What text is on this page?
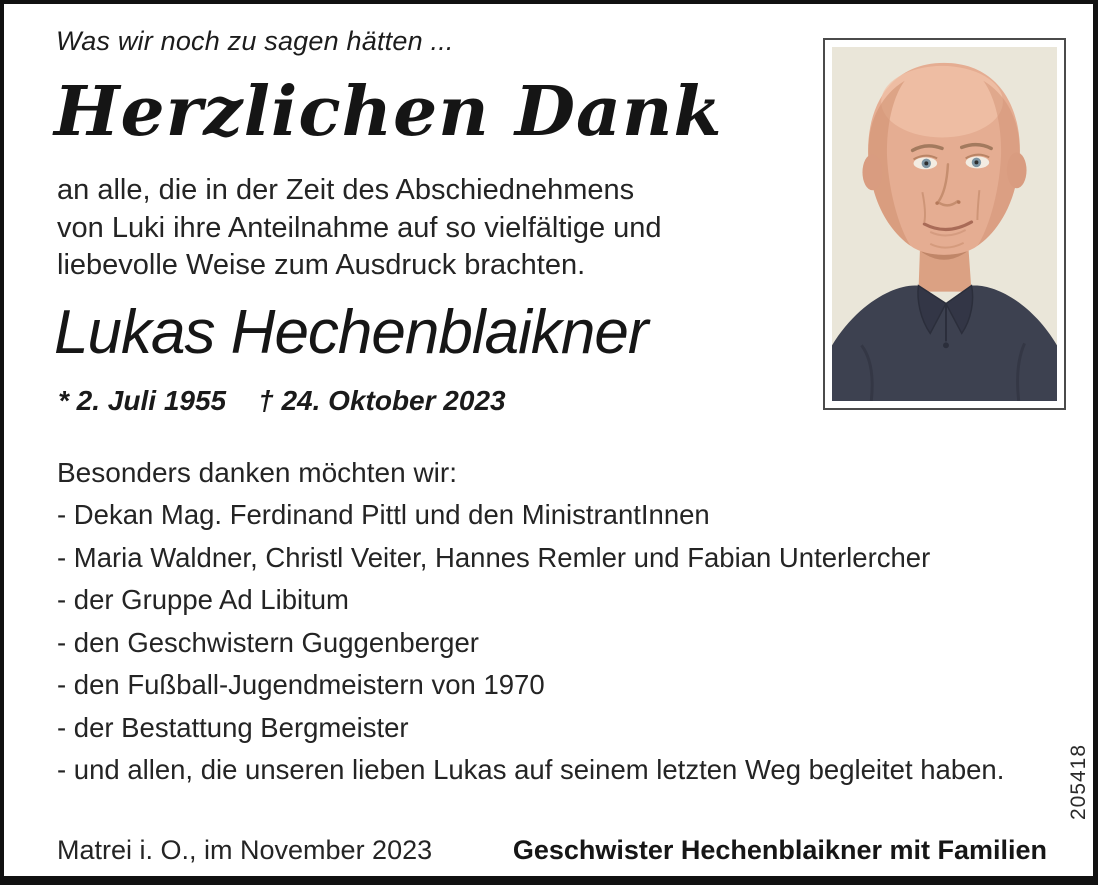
Was wir noch zu sagen hätten ...
Herzlichen Dank
an alle, die in der Zeit des Abschiednehmens
von Luki ihre Anteilnahme auf so vielfältige und
liebevolle Weise zum Ausdruck brachten.
Lukas Hechenblaikner
* 2. Juli 1955 † 24. Oktober 2023
Besonders danken möchten wir:
- Dekan Mag. Ferdinand Pittl und den MinistrantInnen
- Maria Waldner, Christl Veiter, Hannes Remler und Fabian Unterlercher
- der Gruppe Ad Libitum
- den Geschwistern Guggenberger
- den Fußball-Jugendmeistern von 1970
- der Bestattung Bergmeister
- und allen, die unseren lieben Lukas auf seinem letzten Weg begleitet haben.
Matrei i. O., im November 2023	Geschwister Hechenblaikner mit Familien
205418
